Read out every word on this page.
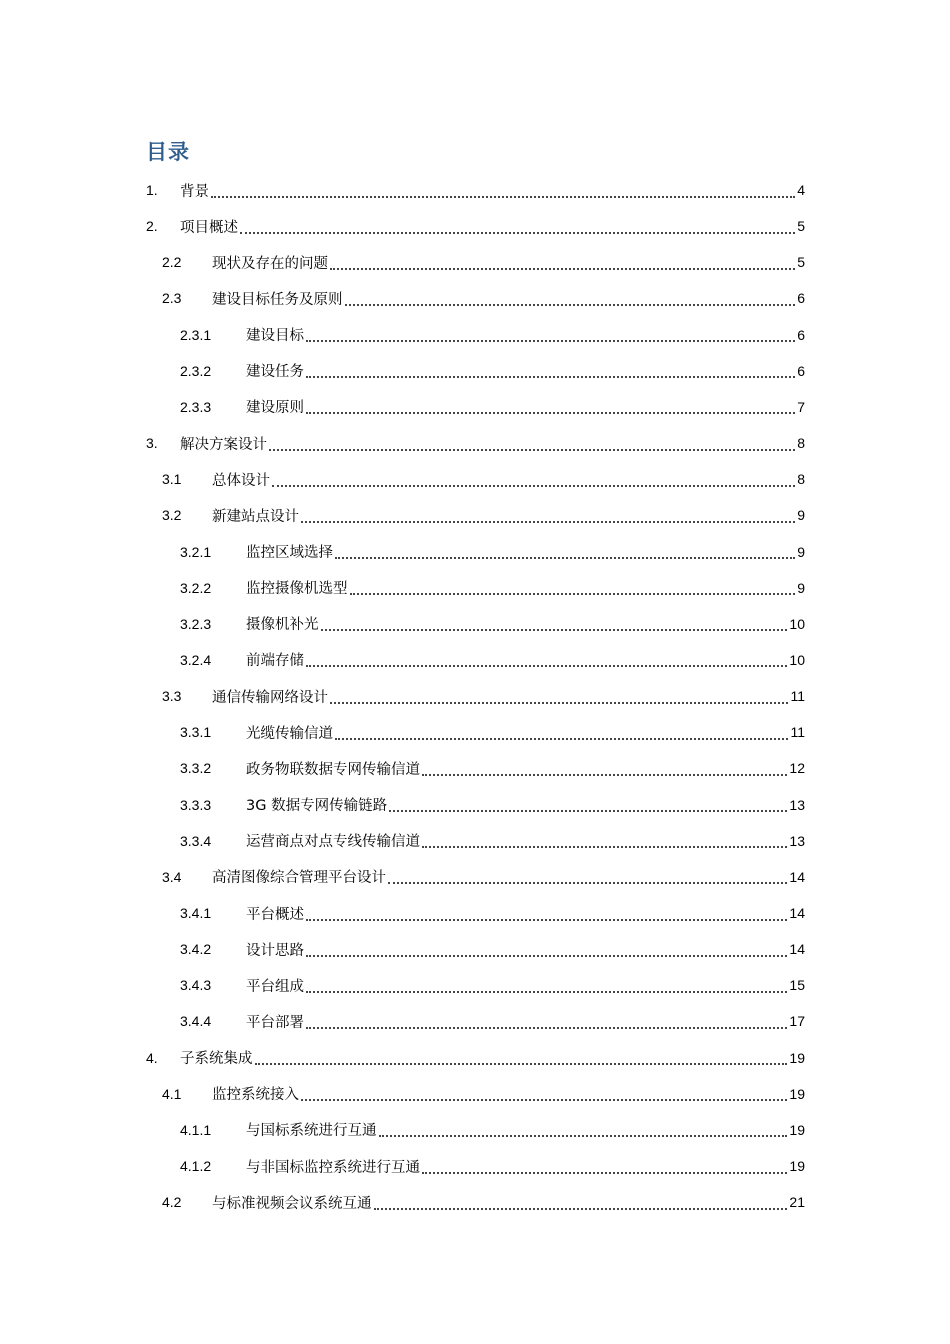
目录
1.	背景	4
2.	项目概述	5
2.2	现状及存在的问题	5
2.3	建设目标任务及原则	6
2.3.1	建设目标	6
2.3.2	建设任务	6
2.3.3	建设原则	7
3.	解决方案设计	8
3.1	总体设计	8
3.2	新建站点设计	9
3.2.1	监控区域选择	9
3.2.2	监控摄像机选型	9
3.2.3	摄像机补光	10
3.2.4	前端存储	10
3.3	通信传输网络设计	11
3.3.1	光缆传输信道	11
3.3.2	政务物联数据专网传输信道	12
3.3.3	3G 数据专网传输链路	13
3.3.4	运营商点对点专线传输信道	13
3.4	高清图像综合管理平台设计	14
3.4.1	平台概述	14
3.4.2	设计思路	14
3.4.3	平台组成	15
3.4.4	平台部署	17
4.	子系统集成	19
4.1	监控系统接入	19
4.1.1	与国标系统进行互通	19
4.1.2	与非国标监控系统进行互通	19
4.2	与标准视频会议系统互通	21
